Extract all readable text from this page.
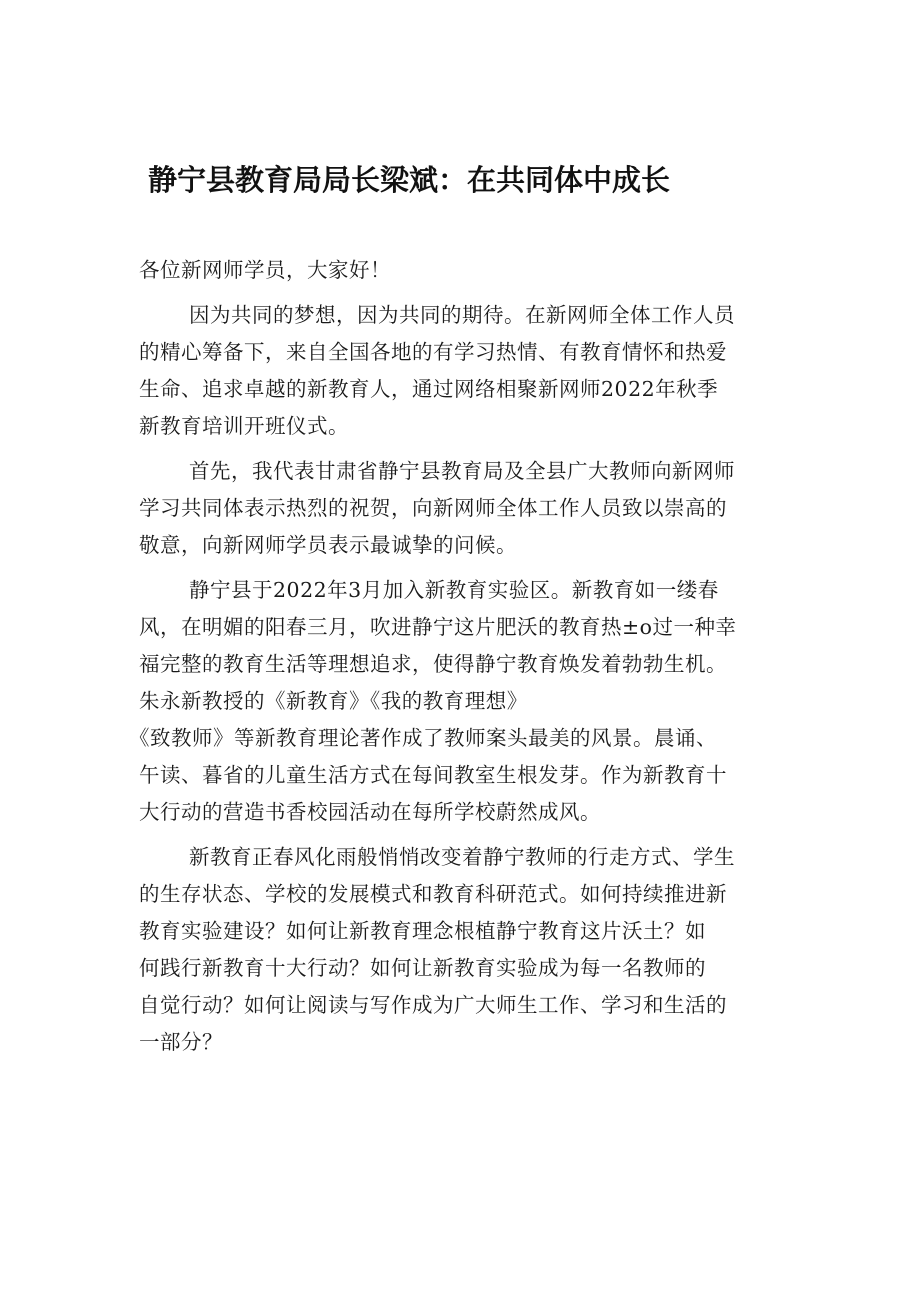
静宁县教育局局长梁斌：在共同体中成长
各位新网师学员，大家好！
因为共同的梦想，因为共同的期待。在新网师全体工作人员
的精心筹备下，来自全国各地的有学习热情、有教育情怀和热爱
生命、追求卓越的新教育人，通过网络相聚新网师2022年秋季
新教育培训开班仪式。
首先，我代表甘肃省静宁县教育局及全县广大教师向新网师
学习共同体表示热烈的祝贺，向新网师全体工作人员致以崇高的
敬意，向新网师学员表示最诚挚的问候。
静宁县于2022年3月加入新教育实验区。新教育如一缕春
风，在明媚的阳春三月，吹进静宁这片肥沃的教育热±o过一种幸
福完整的教育生活等理想追求，使得静宁教育焕发着勃勃生机。
朱永新教授的《新教育》《我的教育理想》
《致教师》等新教育理论著作成了教师案头最美的风景。晨诵、
午读、暮省的儿童生活方式在每间教室生根发芽。作为新教育十
大行动的营造书香校园活动在每所学校蔚然成风。
新教育正春风化雨般悄悄改变着静宁教师的行走方式、学生
的生存状态、学校的发展模式和教育科研范式。如何持续推进新
教育实验建设？如何让新教育理念根植静宁教育这片沃土？如
何践行新教育十大行动？如何让新教育实验成为每一名教师的
自觉行动？如何让阅读与写作成为广大师生工作、学习和生活的
一部分？
